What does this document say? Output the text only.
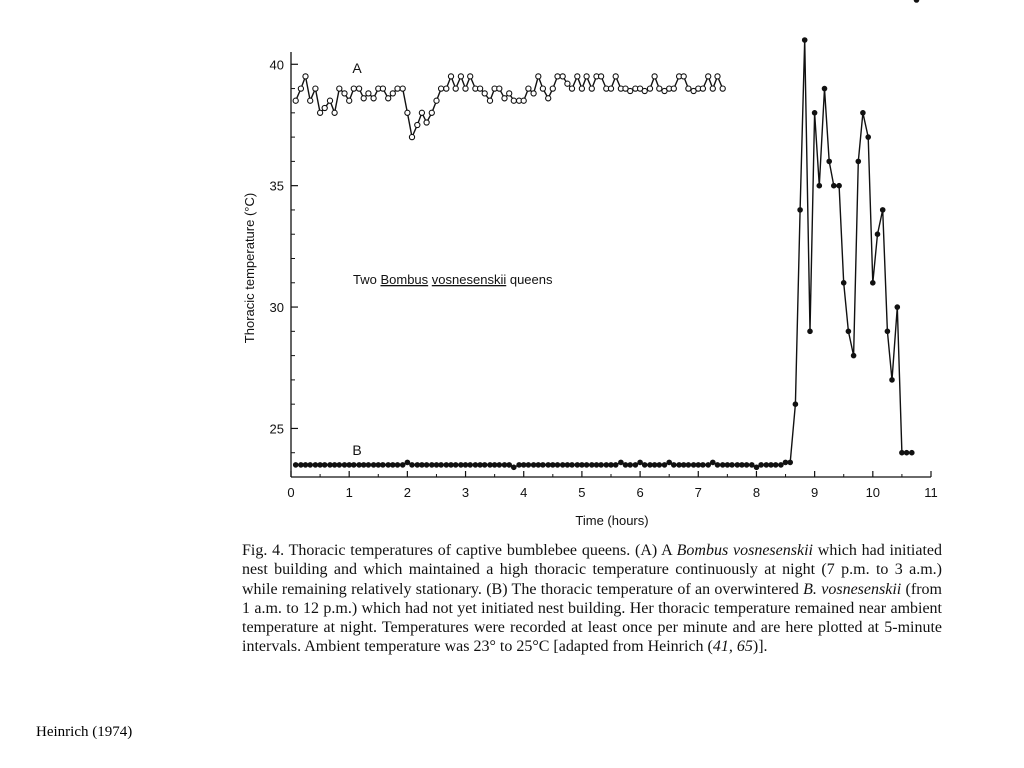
0	1	2	3	4	5	6	7	8	9	10	11
25
30
35
40
Thoracic temperature (°C)
Time (hours)
A
B
Two Bombus vosnesenskii queens
Fig. 4. Thoracic temperatures of captive bumblebee queens. (A) A Bombus vosnesenskii which had initiated nest building and which maintained a high thoracic temperature continuously at night (7 p.m. to 3 a.m.) while remaining relatively stationary. (B) The thoracic temperature of an overwintered B. vosnesenskii (from 1 a.m. to 12 p.m.) which had not yet initiated nest building. Her thoracic temperature remained near ambient temperature at night. Temperatures were recorded at least once per minute and are here plotted at 5-minute intervals. Ambient temperature was 23° to 25°C [adapted from Heinrich (41, 65)].
Heinrich (1974)
